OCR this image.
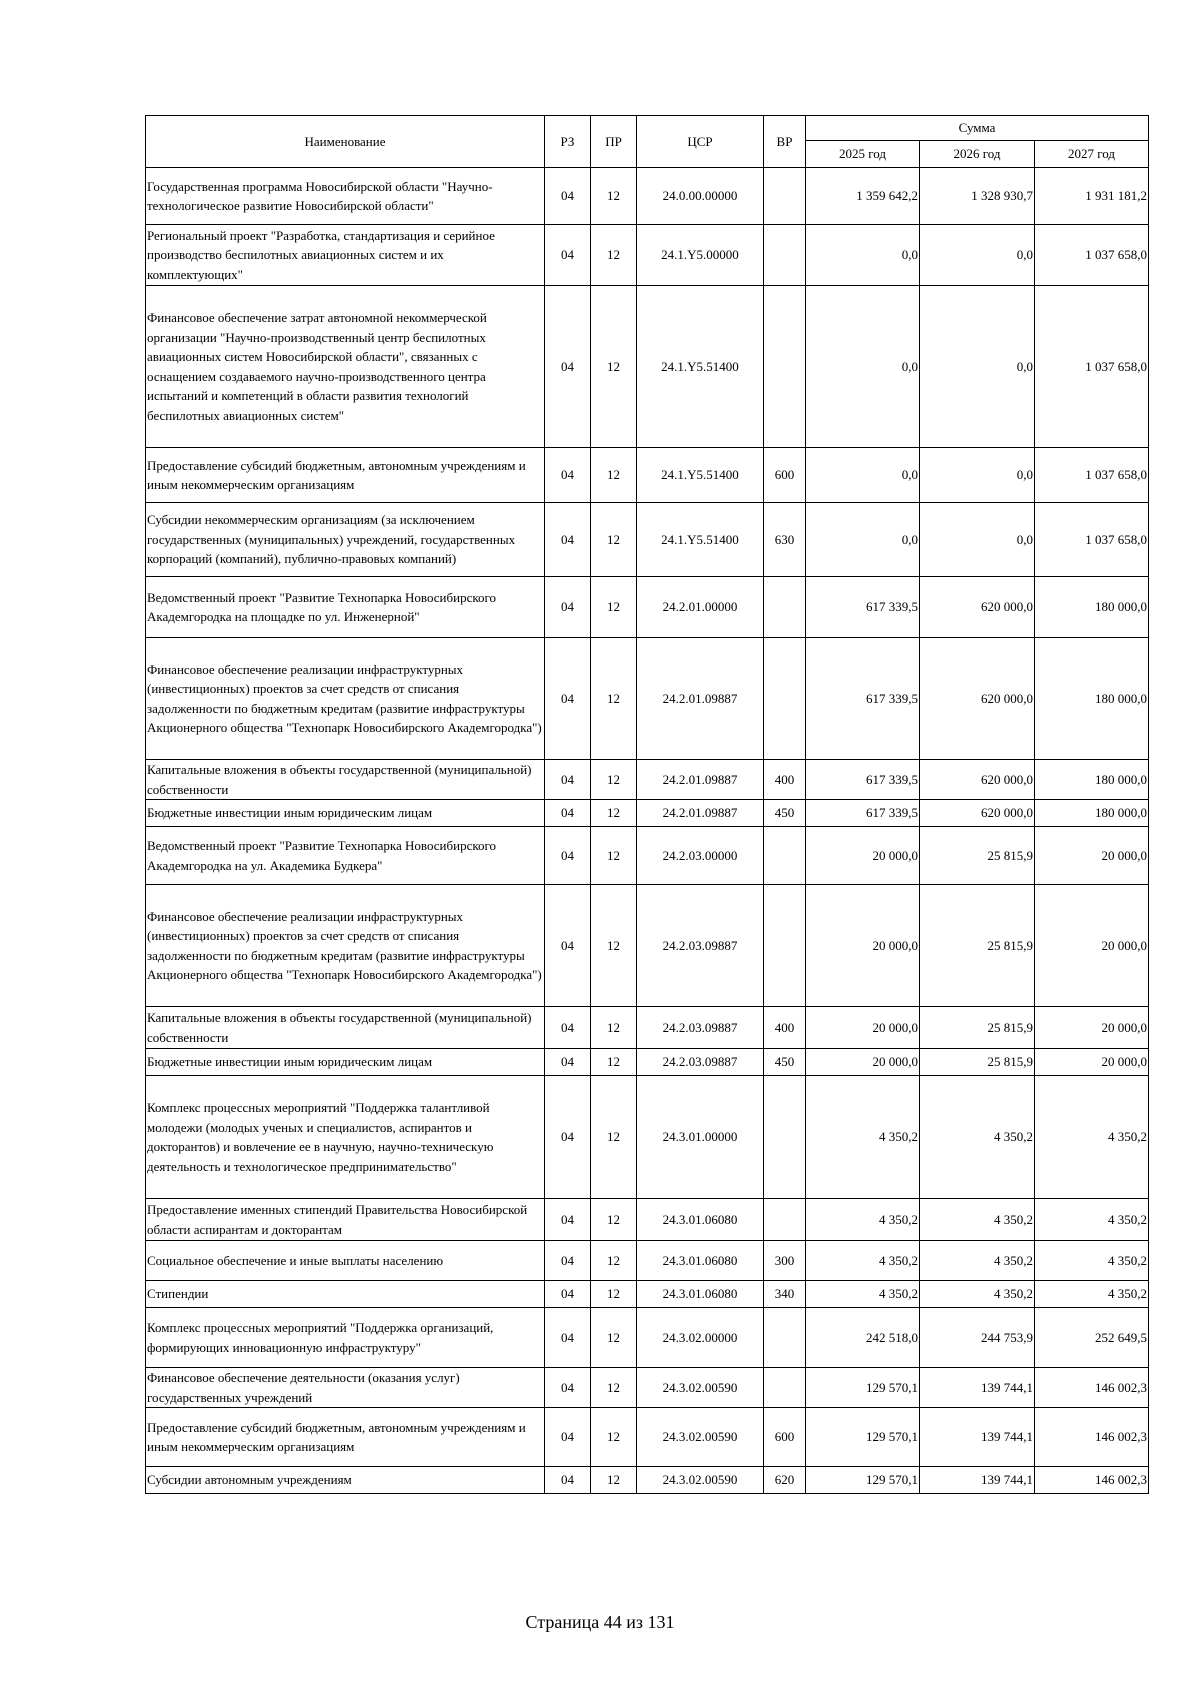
Наименование	РЗ	ПР	ЦСР	ВР	Сумма		
					2025 год	2026 год	2027 год
Государственная программа Новосибирской области "Научно-технологическое развитие Новосибирской области"	04	12	24.0.00.00000		1 359 642,2	1 328 930,7	1 931 181,2
Региональный проект "Разработка, стандартизация и серийное производство беспилотных авиационных систем и их комплектующих"	04	12	24.1.Y5.00000		0,0	0,0	1 037 658,0
Финансовое обеспечение затрат автономной некоммерческой организации "Научно-производственный центр беспилотных авиационных систем Новосибирской области", связанных с оснащением создаваемого научно-производственного центра испытаний и компетенций в области развития технологий беспилотных авиационных систем"	04	12	24.1.Y5.51400		0,0	0,0	1 037 658,0
Предоставление субсидий бюджетным, автономным учреждениям и иным некоммерческим организациям	04	12	24.1.Y5.51400	600	0,0	0,0	1 037 658,0
Субсидии некоммерческим организациям (за исключением государственных (муниципальных) учреждений, государственных корпораций (компаний), публично-правовых компаний)	04	12	24.1.Y5.51400	630	0,0	0,0	1 037 658,0
Ведомственный проект "Развитие Технопарка Новосибирского Академгородка на площадке по ул. Инженерной"	04	12	24.2.01.00000		617 339,5	620 000,0	180 000,0
Финансовое обеспечение реализации инфраструктурных (инвестиционных) проектов за счет средств от списания задолженности по бюджетным кредитам (развитие инфраструктуры Акционерного общества "Технопарк Новосибирского Академгородка")	04	12	24.2.01.09887		617 339,5	620 000,0	180 000,0
Капитальные вложения в объекты государственной (муниципальной) собственности	04	12	24.2.01.09887	400	617 339,5	620 000,0	180 000,0
Бюджетные инвестиции иным юридическим лицам	04	12	24.2.01.09887	450	617 339,5	620 000,0	180 000,0
Ведомственный проект "Развитие Технопарка Новосибирского Академгородка на ул. Академика Будкера"	04	12	24.2.03.00000		20 000,0	25 815,9	20 000,0
Финансовое обеспечение реализации инфраструктурных (инвестиционных) проектов за счет средств от списания задолженности по бюджетным кредитам (развитие инфраструктуры Акционерного общества "Технопарк Новосибирского Академгородка")	04	12	24.2.03.09887		20 000,0	25 815,9	20 000,0
Капитальные вложения в объекты государственной (муниципальной) собственности	04	12	24.2.03.09887	400	20 000,0	25 815,9	20 000,0
Бюджетные инвестиции иным юридическим лицам	04	12	24.2.03.09887	450	20 000,0	25 815,9	20 000,0
Комплекс процессных мероприятий "Поддержка талантливой молодежи (молодых ученых и специалистов, аспирантов и докторантов) и вовлечение ее в научную, научно-техническую деятельность и технологическое предпринимательство"	04	12	24.3.01.00000		4 350,2	4 350,2	4 350,2
Предоставление именных стипендий Правительства Новосибирской области аспирантам и докторантам	04	12	24.3.01.06080		4 350,2	4 350,2	4 350,2
Социальное обеспечение и иные выплаты населению	04	12	24.3.01.06080	300	4 350,2	4 350,2	4 350,2
Стипендии	04	12	24.3.01.06080	340	4 350,2	4 350,2	4 350,2
Комплекс процессных мероприятий "Поддержка организаций, формирующих инновационную инфраструктуру"	04	12	24.3.02.00000		242 518,0	244 753,9	252 649,5
Финансовое обеспечение деятельности (оказания услуг) государственных учреждений	04	12	24.3.02.00590		129 570,1	139 744,1	146 002,3
Предоставление субсидий бюджетным, автономным учреждениям и иным некоммерческим организациям	04	12	24.3.02.00590	600	129 570,1	139 744,1	146 002,3
Субсидии автономным учреждениям	04	12	24.3.02.00590	620	129 570,1	139 744,1	146 002,3
Страница 44 из 131
